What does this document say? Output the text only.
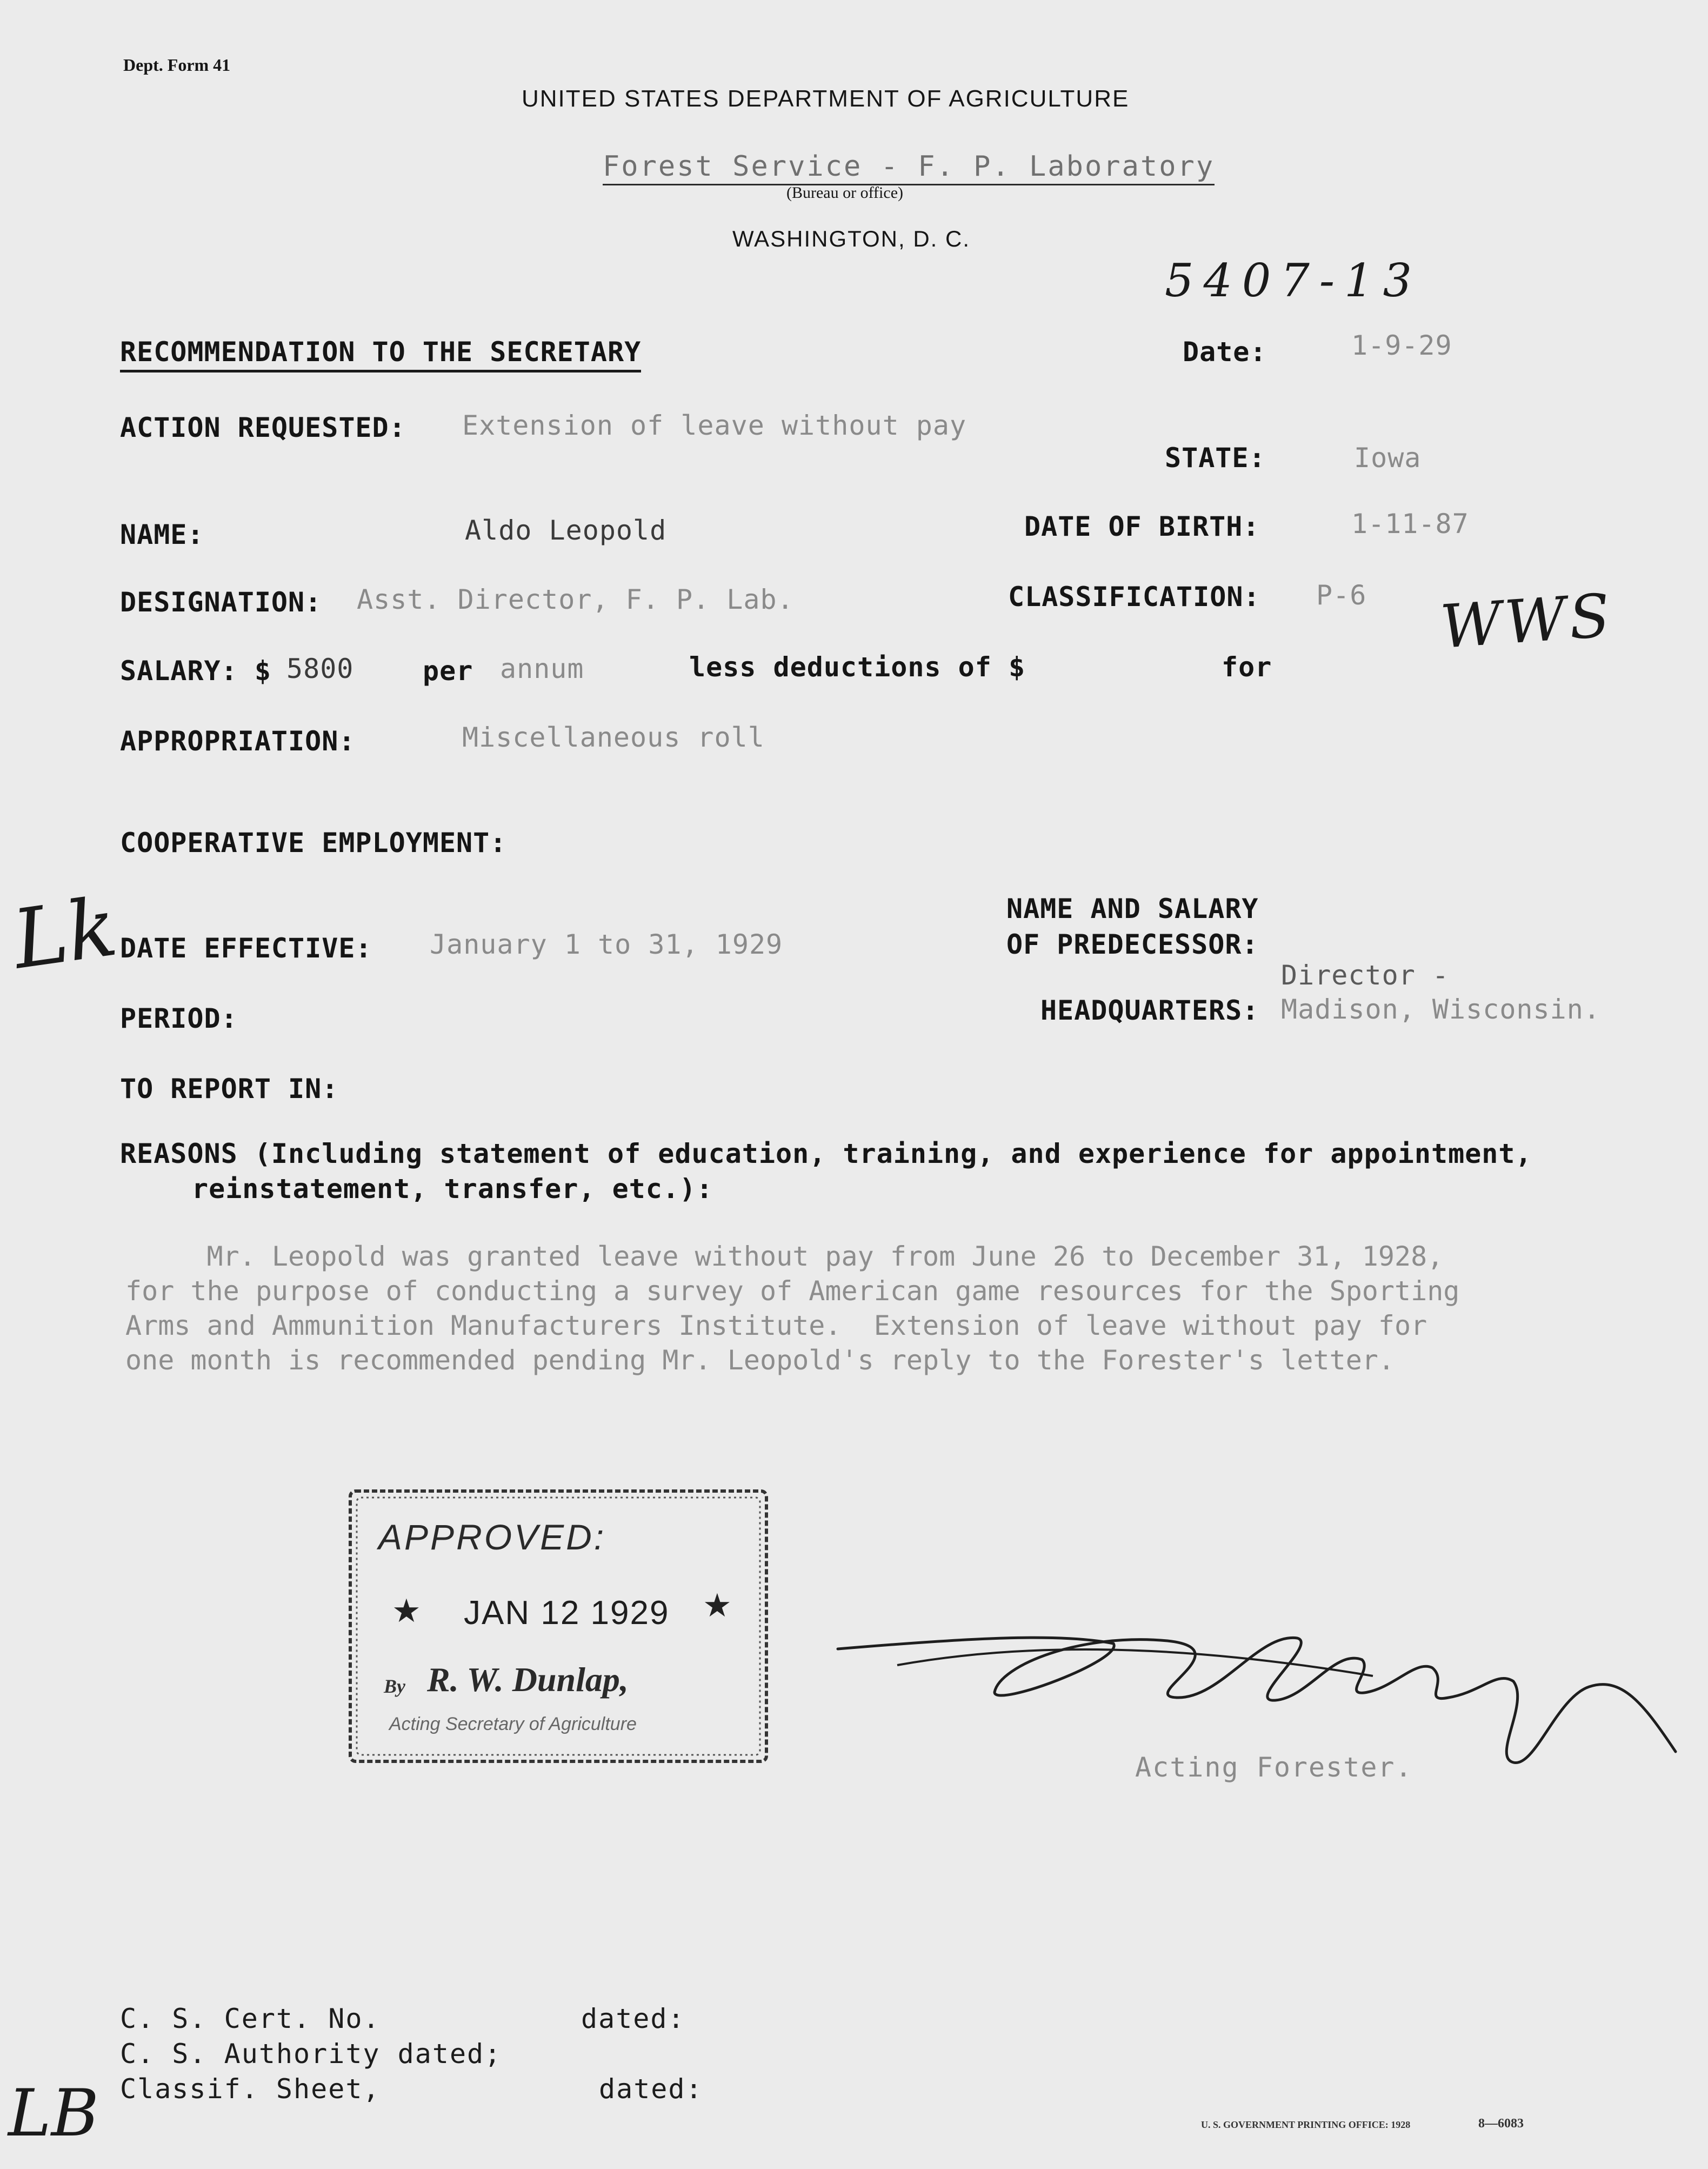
Dept. Form 41
UNITED STATES DEPARTMENT OF AGRICULTURE
Forest Service - F. P. Laboratory
(Bureau or office)
WASHINGTON, D. C.
5407-13
RECOMMENDATION TO THE SECRETARY	Date:	1-9-29
ACTION REQUESTED: Extension of leave without pay
STATE:	Iowa
NAME:	Aldo Leopold	DATE OF BIRTH:	1-11-87
DESIGNATION: Asst. Director, F. P. Lab.	CLASSIFICATION: P-6 WWS
SALARY: $ 5800	per annum	less deductions of $	for
APPROPRIATION:	Miscellaneous roll
COOPERATIVE EMPLOYMENT:
NAME AND SALARY
OF PREDECESSOR:
Director -
Lk
DATE EFFECTIVE: January 1 to 31, 1929
PERIOD:	HEADQUARTERS: Madison, Wisconsin.
TO REPORT IN:
REASONS (Including statement of education, training, and experience for appointment,
reinstatement, transfer, etc.):
Mr. Leopold was granted leave without pay from June 26 to December 31, 1928,
for the purpose of conducting a survey of American game resources for the Sporting
Arms and Ammunition Manufacturers Institute.  Extension of leave without pay for
one month is recommended pending Mr. Leopold's reply to the Forester's letter.
APPROVED:
★ JAN 12 1929 ★
By R. W. Dunlap,
Acting Secretary of Agriculture
Acting Forester.
C. S. Cert. No.	dated:
C. S. Authority dated;
Classif. Sheet,	dated:
LB	U. S. GOVERNMENT PRINTING OFFICE: 1928	8—6083
